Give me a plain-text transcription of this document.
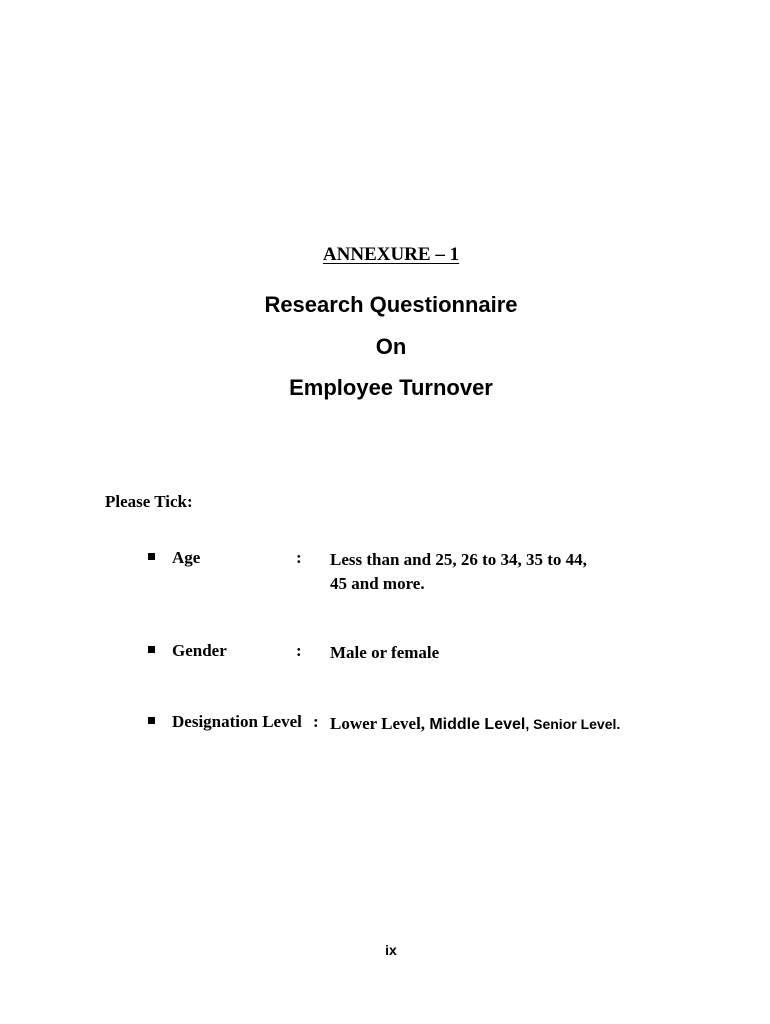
ANNEXURE – 1
Research Questionnaire
On
Employee Turnover
Please Tick:
Age	: Less than and 25, 26 to 34, 35 to 44, 45 and more.
Gender	: Male or female
Designation Level : Lower Level, Middle Level, Senior Level.
ix
